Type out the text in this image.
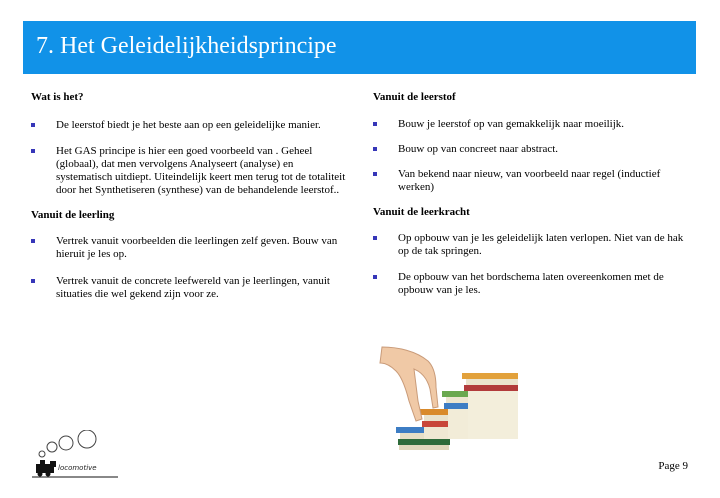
7. Het Geleidelijkheidsprincipe
Wat is het?
De leerstof biedt je het beste aan op een geleidelijke manier.
Het GAS principe is hier een goed voorbeeld van . Geheel (globaal), dat men vervolgens Analyseert (analyse) en systematisch uitdiept. Uiteindelijk keert men terug tot de totaliteit door het Synthetiseren (synthese) van de behandelende leerstof..
Vanuit de leerling
Vertrek vanuit voorbeelden die leerlingen zelf geven. Bouw van hieruit je les op.
Vertrek vanuit de concrete leefwereld van je leerlingen, vanuit situaties die wel gekend zijn voor ze.
Vanuit de leerstof
Bouw je leerstof op van gemakkelijk naar moeilijk.
Bouw op van concreet naar abstract.
Van bekend naar nieuw, van voorbeeld naar regel (inductief werken)
Vanuit de leerkracht
Op opbouw van je les geleidelijk laten verlopen. Niet van de hak op de tak springen.
De opbouw van het bordschema laten overeenkomen met de opbouw van je les.
locomotive	Page 9
